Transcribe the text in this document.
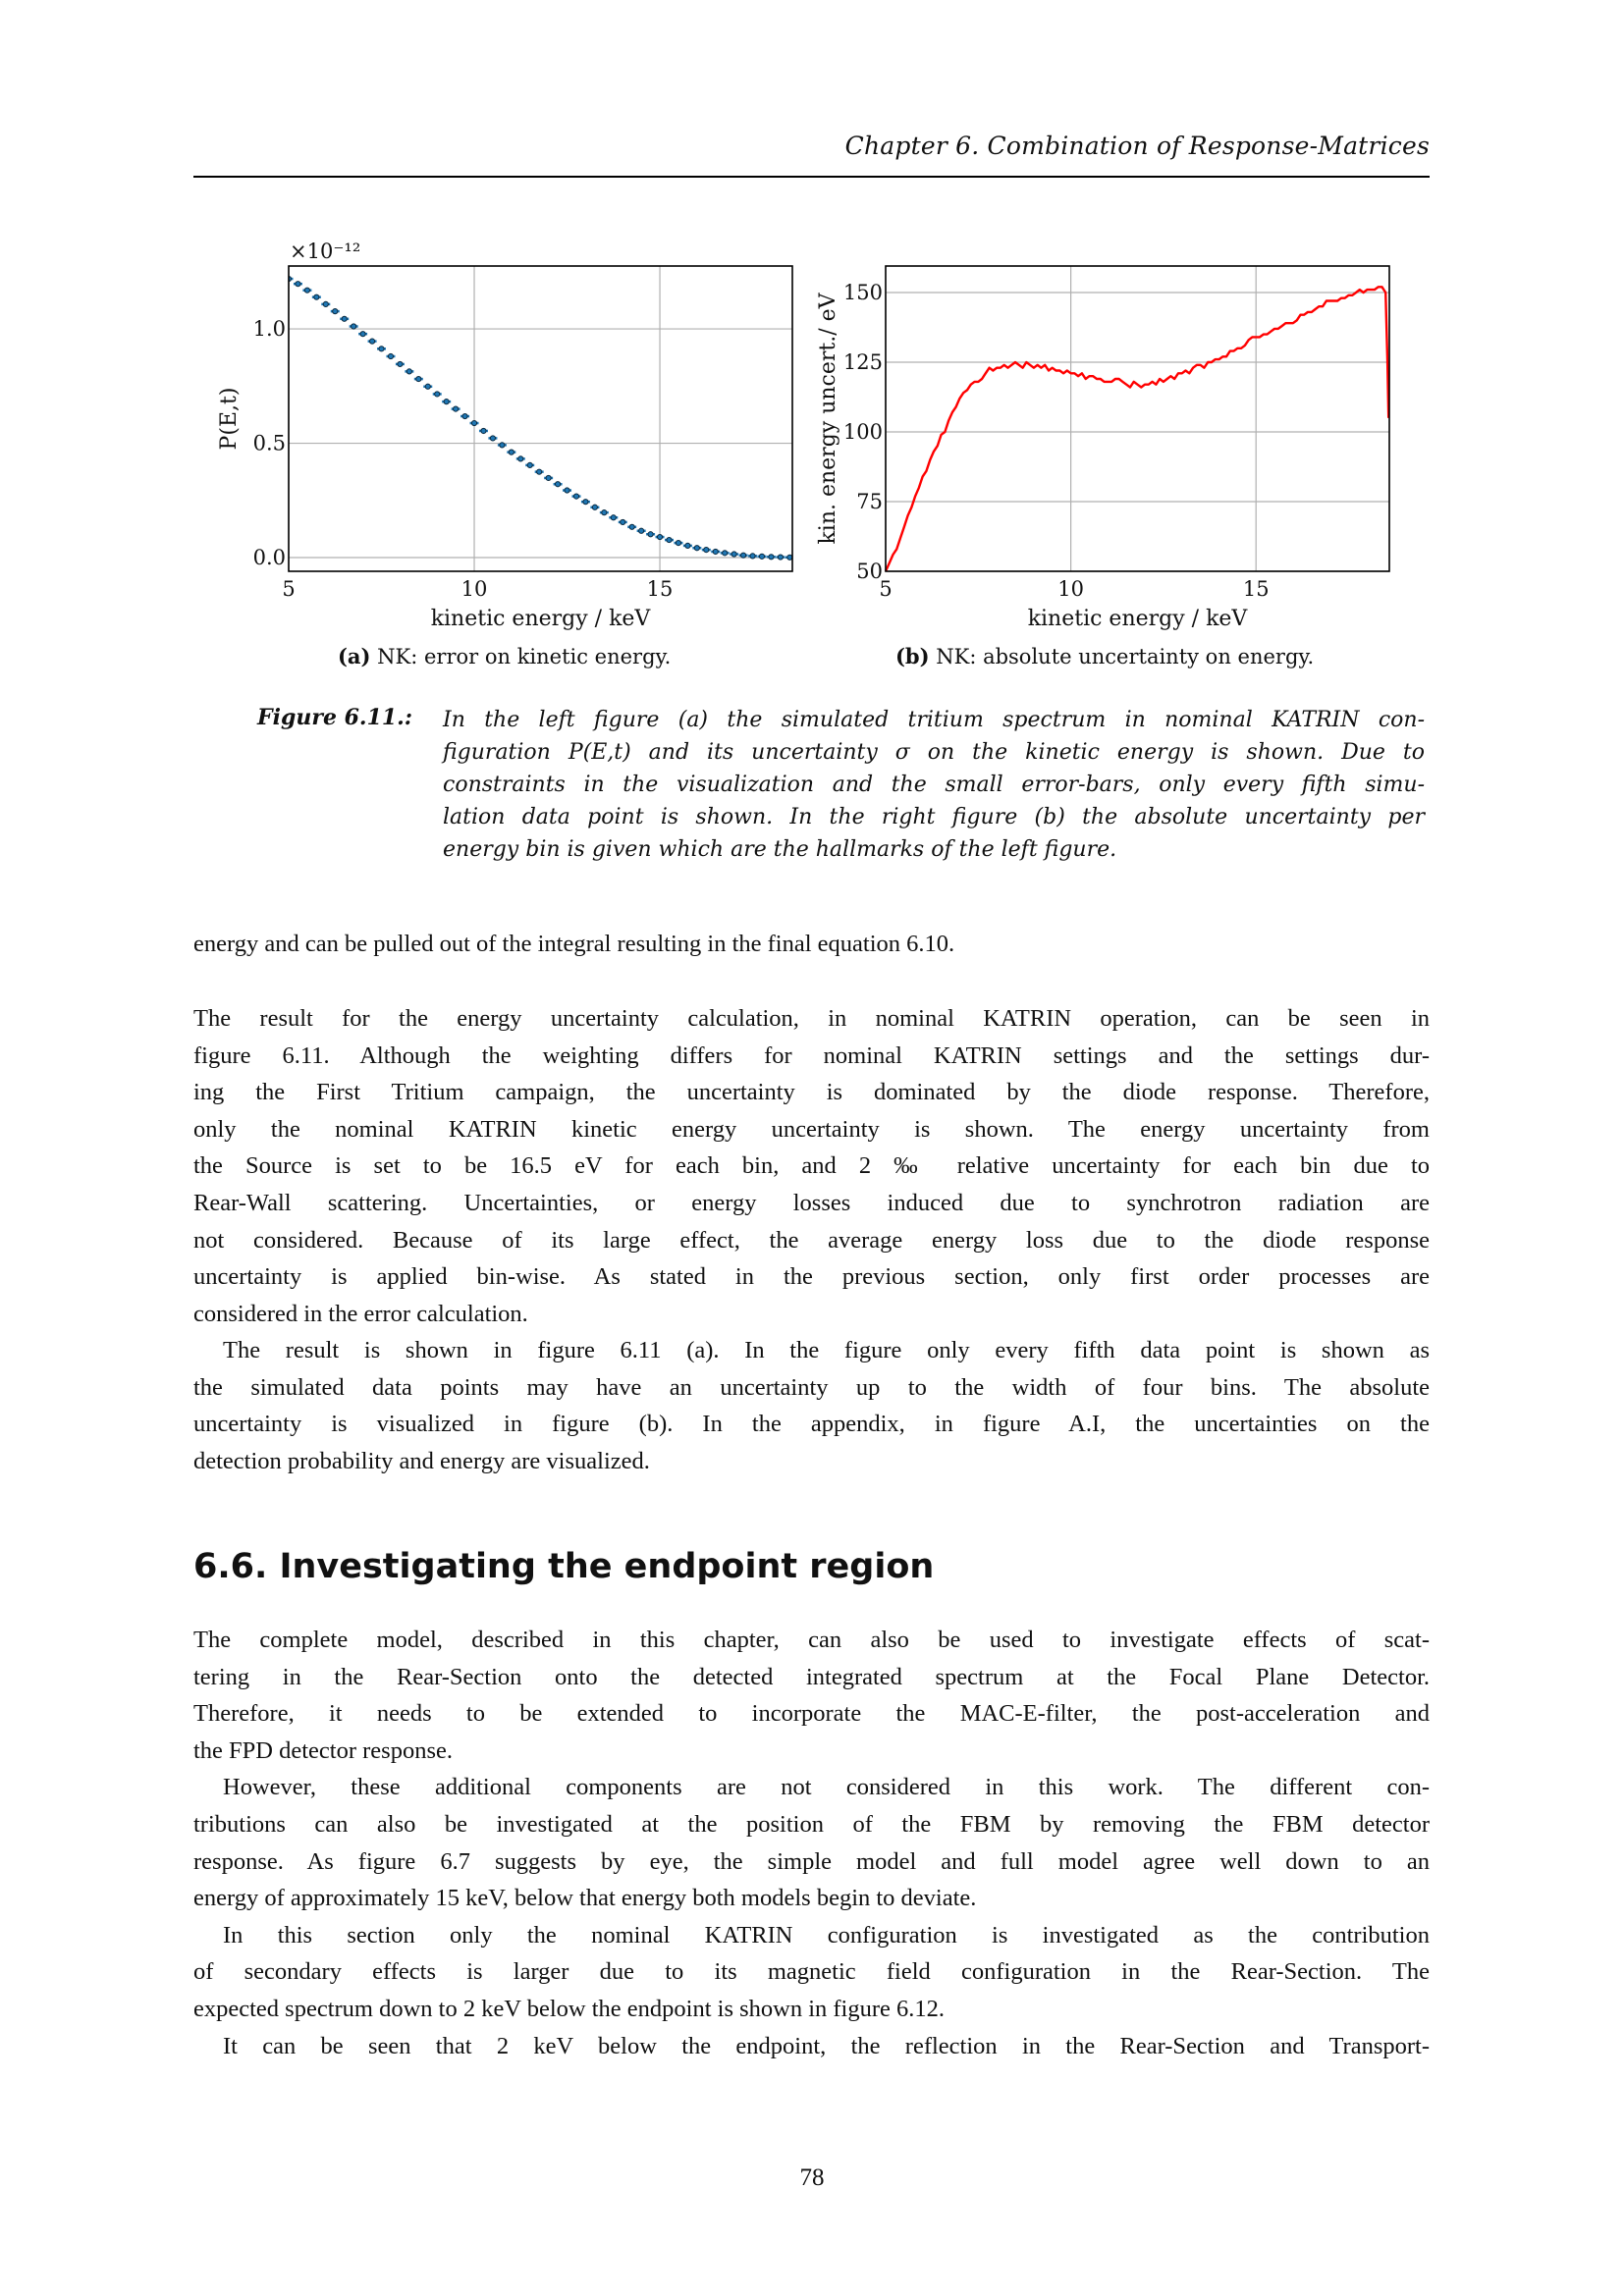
Chapter 6. Combination of Response-Matrices
5	10	15
0.0
0.5
1.0
kinetic energy / keV
P(E,t)
×10⁻¹²
5	10	15
50
75
100
125
150
kinetic energy / keV
kin. energy uncert./ eV
(a) NK: error on kinetic energy.	(b) NK: absolute uncertainty on energy.
Figure 6.11.: In the left figure (a) the simulated tritium spectrum in nominal KATRIN con-
figuration P(E,t) and its uncertainty σ on the kinetic energy is shown. Due to
constraints in the visualization and the small error-bars, only every fifth simu-
lation data point is shown. In the right figure (b) the absolute uncertainty per
energy bin is given which are the hallmarks of the left figure.
energy and can be pulled out of the integral resulting in the final equation 6.10.
The result for the energy uncertainty calculation, in nominal KATRIN operation, can be seen in
figure 6.11. Although the weighting differs for nominal KATRIN settings and the settings dur-
ing the First Tritium campaign, the uncertainty is dominated by the diode response. Therefore,
only the nominal KATRIN kinetic energy uncertainty is shown. The energy uncertainty from
the Source is set to be 16.5 eV for each bin, and 2 ‰ relative uncertainty for each bin due to
Rear-Wall scattering. Uncertainties, or energy losses induced due to synchrotron radiation are
not considered. Because of its large effect, the average energy loss due to the diode response
uncertainty is applied bin-wise. As stated in the previous section, only first order processes are
considered in the error calculation.
The result is shown in figure 6.11 (a). In the figure only every fifth data point is shown as
the simulated data points may have an uncertainty up to the width of four bins. The absolute
uncertainty is visualized in figure (b). In the appendix, in figure A.I, the uncertainties on the
detection probability and energy are visualized.
6.6. Investigating the endpoint region
The complete model, described in this chapter, can also be used to investigate effects of scat-
tering in the Rear-Section onto the detected integrated spectrum at the Focal Plane Detector.
Therefore, it needs to be extended to incorporate the MAC-E-filter, the post-acceleration and
the FPD detector response.
However, these additional components are not considered in this work. The different con-
tributions can also be investigated at the position of the FBM by removing the FBM detector
response. As figure 6.7 suggests by eye, the simple model and full model agree well down to an
energy of approximately 15 keV, below that energy both models begin to deviate.
In this section only the nominal KATRIN configuration is investigated as the contribution
of secondary effects is larger due to its magnetic field configuration in the Rear-Section. The
expected spectrum down to 2 keV below the endpoint is shown in figure 6.12.
It can be seen that 2 keV below the endpoint, the reflection in the Rear-Section and Transport-
78
